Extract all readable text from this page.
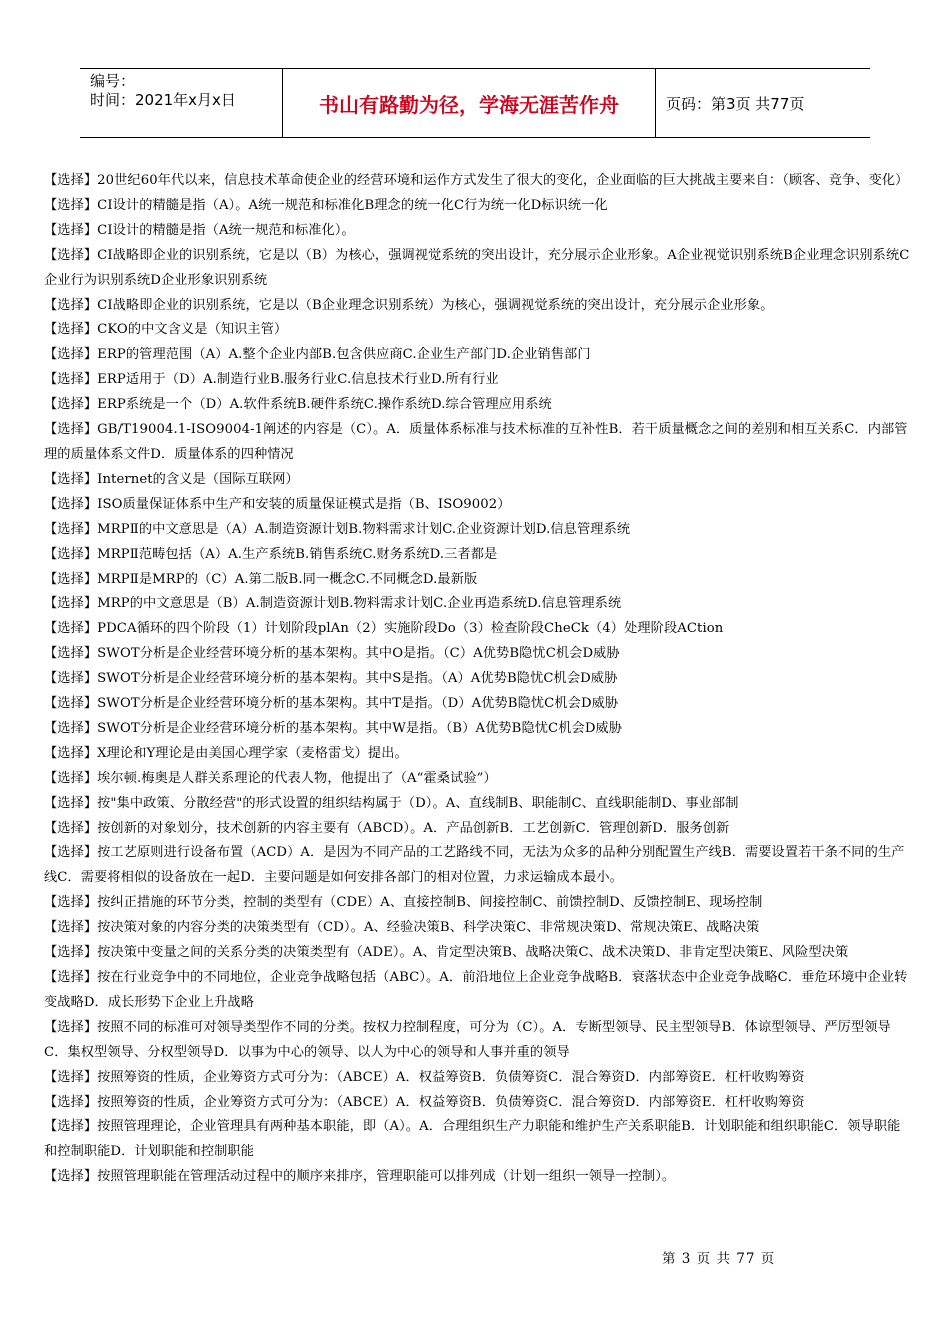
编号：
时间：2021年x月x日	书山有路勤为径，学海无涯苦作舟	页码：第3页 共77页

【选择】20世纪60年代以来，信息技术革命使企业的经营环境和运作方式发生了很大的变化，企业面临的巨大挑战主要来自：（顾客、竞争、变化）

【选择】CI设计的精髓是指（A）。A统一规范和标准化B理念的统一化C行为统一化D标识统一化

【选择】CI设计的精髓是指（A统一规范和标准化）。

【选择】CI战略即企业的识别系统，它是以（B）为核心，强调视觉系统的突出设计，充分展示企业形象。A企业视觉识别系统B企业理念识别系统C企业行为识别系统D企业形象识别系统

【选择】CI战略即企业的识别系统，它是以（B企业理念识别系统）为核心，强调视觉系统的突出设计，充分展示企业形象。

【选择】CKO的中文含义是（知识主管）

【选择】ERP的管理范围（A）A.整个企业内部B.包含供应商C.企业生产部门D.企业销售部门

【选择】ERP适用于（D）A.制造行业B.服务行业C.信息技术行业D.所有行业

【选择】ERP系统是一个（D）A.软件系统B.硬件系统C.操作系统D.综合管理应用系统

【选择】GB/T19004.1-ISO9004-1阐述的内容是（C）。A．质量体系标准与技术标准的互补性B．若干质量概念之间的差别和相互关系C．内部管理的质量体系文件D．质量体系的四种情况

【选择】Internet的含义是（国际互联网）

【选择】ISO质量保证体系中生产和安装的质量保证模式是指（B、ISO9002）

【选择】MRPⅡ的中文意思是（A）A.制造资源计划B.物料需求计划C.企业资源计划D.信息管理系统

【选择】MRPⅡ范畴包括（A）A.生产系统B.销售系统C.财务系统D.三者都是

【选择】MRPⅡ是MRP的（C）A.第二版B.同一概念C.不同概念D.最新版

【选择】MRP的中文意思是（B）A.制造资源计划B.物料需求计划C.企业再造系统D.信息管理系统

【选择】PDCA循环的四个阶段（1）计划阶段plAn（2）实施阶段Do（3）检查阶段CheCk（4）处理阶段ACtion

【选择】SWOT分析是企业经营环境分析的基本架构。其中O是指。（C）A优势B隐忧C机会D威胁

【选择】SWOT分析是企业经营环境分析的基本架构。其中S是指。（A）A优势B隐忧C机会D威胁

【选择】SWOT分析是企业经营环境分析的基本架构。其中T是指。（D）A优势B隐忧C机会D威胁

【选择】SWOT分析是企业经营环境分析的基本架构。其中W是指。（B）A优势B隐忧C机会D威胁

【选择】X理论和Y理论是由美国心理学家（麦格雷戈）提出。

【选择】埃尔顿.梅奥是人群关系理论的代表人物，他提出了（A“霍桑试验”）

【选择】按"集中政策、分散经营"的形式设置的组织结构属于（D）。A、直线制B、职能制C、直线职能制D、事业部制

【选择】按创新的对象划分，技术创新的内容主要有（ABCD）。A．产品创新B．工艺创新C．管理创新D．服务创新

【选择】按工艺原则进行设备布置（ACD）A．是因为不同产品的工艺路线不同，无法为众多的品种分别配置生产线B．需要设置若干条不同的生产线C．需要将相似的设备放在一起D．主要问题是如何安排各部门的相对位置，力求运输成本最小。

【选择】按纠正措施的环节分类，控制的类型有（CDE）A、直接控制B、间接控制C、前馈控制D、反馈控制E、现场控制

【选择】按决策对象的内容分类的决策类型有（CD）。A、经验决策B、科学决策C、非常规决策D、常规决策E、战略决策

【选择】按决策中变量之间的关系分类的决策类型有（ADE）。A、肯定型决策B、战略决策C、战术决策D、非肯定型决策E、风险型决策

【选择】按在行业竞争中的不同地位，企业竞争战略包括（ABC）。A．前沿地位上企业竞争战略B．衰落状态中企业竞争战略C．垂危环境中企业转变战略D．成长形势下企业上升战略

【选择】按照不同的标准可对领导类型作不同的分类。按权力控制程度，可分为（C）。A．专断型领导、民主型领导B．体谅型领导、严厉型领导C．集权型领导、分权型领导D．以事为中心的领导、以人为中心的领导和人事并重的领导

【选择】按照筹资的性质，企业筹资方式可分为：（ABCE）A．权益筹资B．负债筹资C．混合筹资D．内部筹资E．杠杆收购筹资

【选择】按照筹资的性质，企业筹资方式可分为：（ABCE）A．权益筹资B．负债筹资C．混合筹资D．内部筹资E．杠杆收购筹资

【选择】按照管理理论，企业管理具有两种基本职能，即（A）。A．合理组织生产力职能和维护生产关系职能B．计划职能和组织职能C．领导职能和控制职能D．计划职能和控制职能

【选择】按照管理职能在管理活动过程中的顺序来排序，管理职能可以排列成（计划一组织一领导一控制）。

第 3 页 共 77 页
